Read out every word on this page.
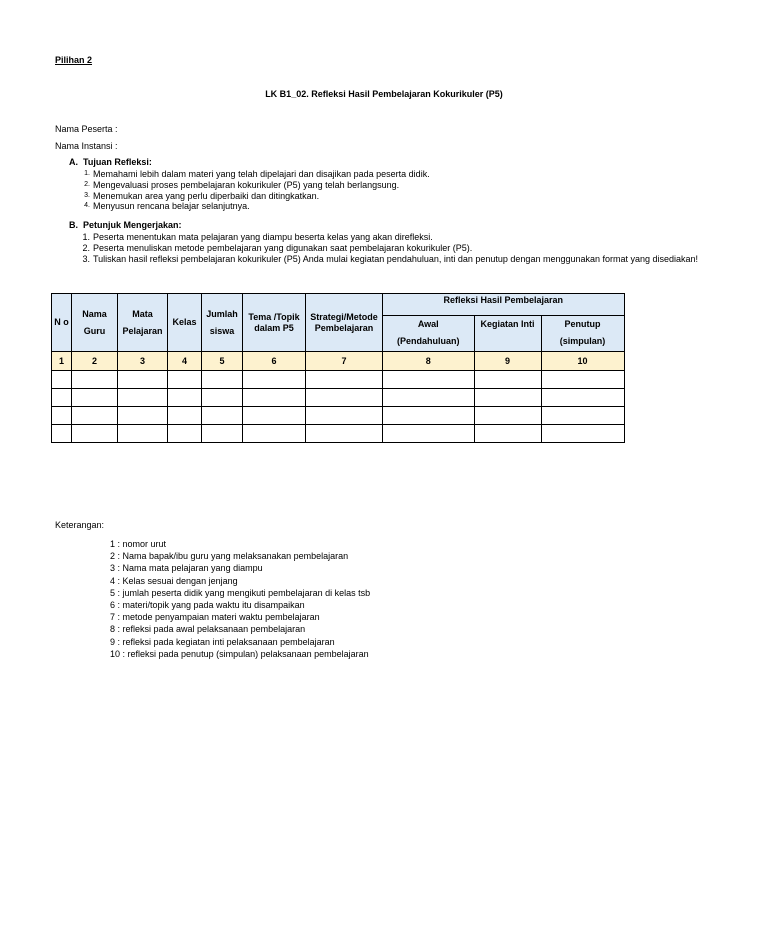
Pilihan 2
LK B1_02. Refleksi Hasil Pembelajaran Kokurikuler (P5)
Nama Peserta :
Nama Instansi :
A. Tujuan Refleksi:
1. Memahami lebih dalam materi yang telah dipelajari dan disajikan pada peserta didik.
2. Mengevaluasi proses pembelajaran kokurikuler (P5) yang telah berlangsung.
3. Menemukan area yang perlu diperbaiki dan ditingkatkan.
4. Menyusun rencana belajar selanjutnya.
B. Petunjuk Mengerjakan:
1. Peserta menentukan mata pelajaran yang diampu beserta kelas yang akan direfleksi.
2. Peserta menuliskan metode pembelajaran yang digunakan saat pembelajaran kokurikuler (P5).
3. Tuliskan hasil refleksi pembelajaran kokurikuler (P5) Anda mulai kegiatan pendahuluan, inti dan penutup dengan menggunakan format yang disediakan!
N o	Nama Guru	Mata Pelajaran	Kelas	Jumlah siswa	Tema /Topik dalam P5	Strategi/Metode Pembelajaran	Refleksi Hasil Pembelajaran		
							Awal (Pendahuluan)	Kegiatan Inti	Penutup (simpulan)
1	2	3	4	5	6	7	8	9	10

Keterangan:
1 : nomor urut
2 : Nama bapak/ibu guru yang melaksanakan pembelajaran
3 : Nama mata pelajaran yang diampu
4 : Kelas sesuai dengan jenjang
5 : jumlah peserta didik yang mengikuti pembelajaran di kelas tsb
6 : materi/topik yang pada waktu itu disampaikan
7 : metode penyampaian materi waktu pembelajaran
8 : refleksi pada awal pelaksanaan pembelajaran
9 : refleksi pada kegiatan inti pelaksanaan pembelajaran
10 : refleksi pada penutup (simpulan) pelaksanaan pembelajaran
